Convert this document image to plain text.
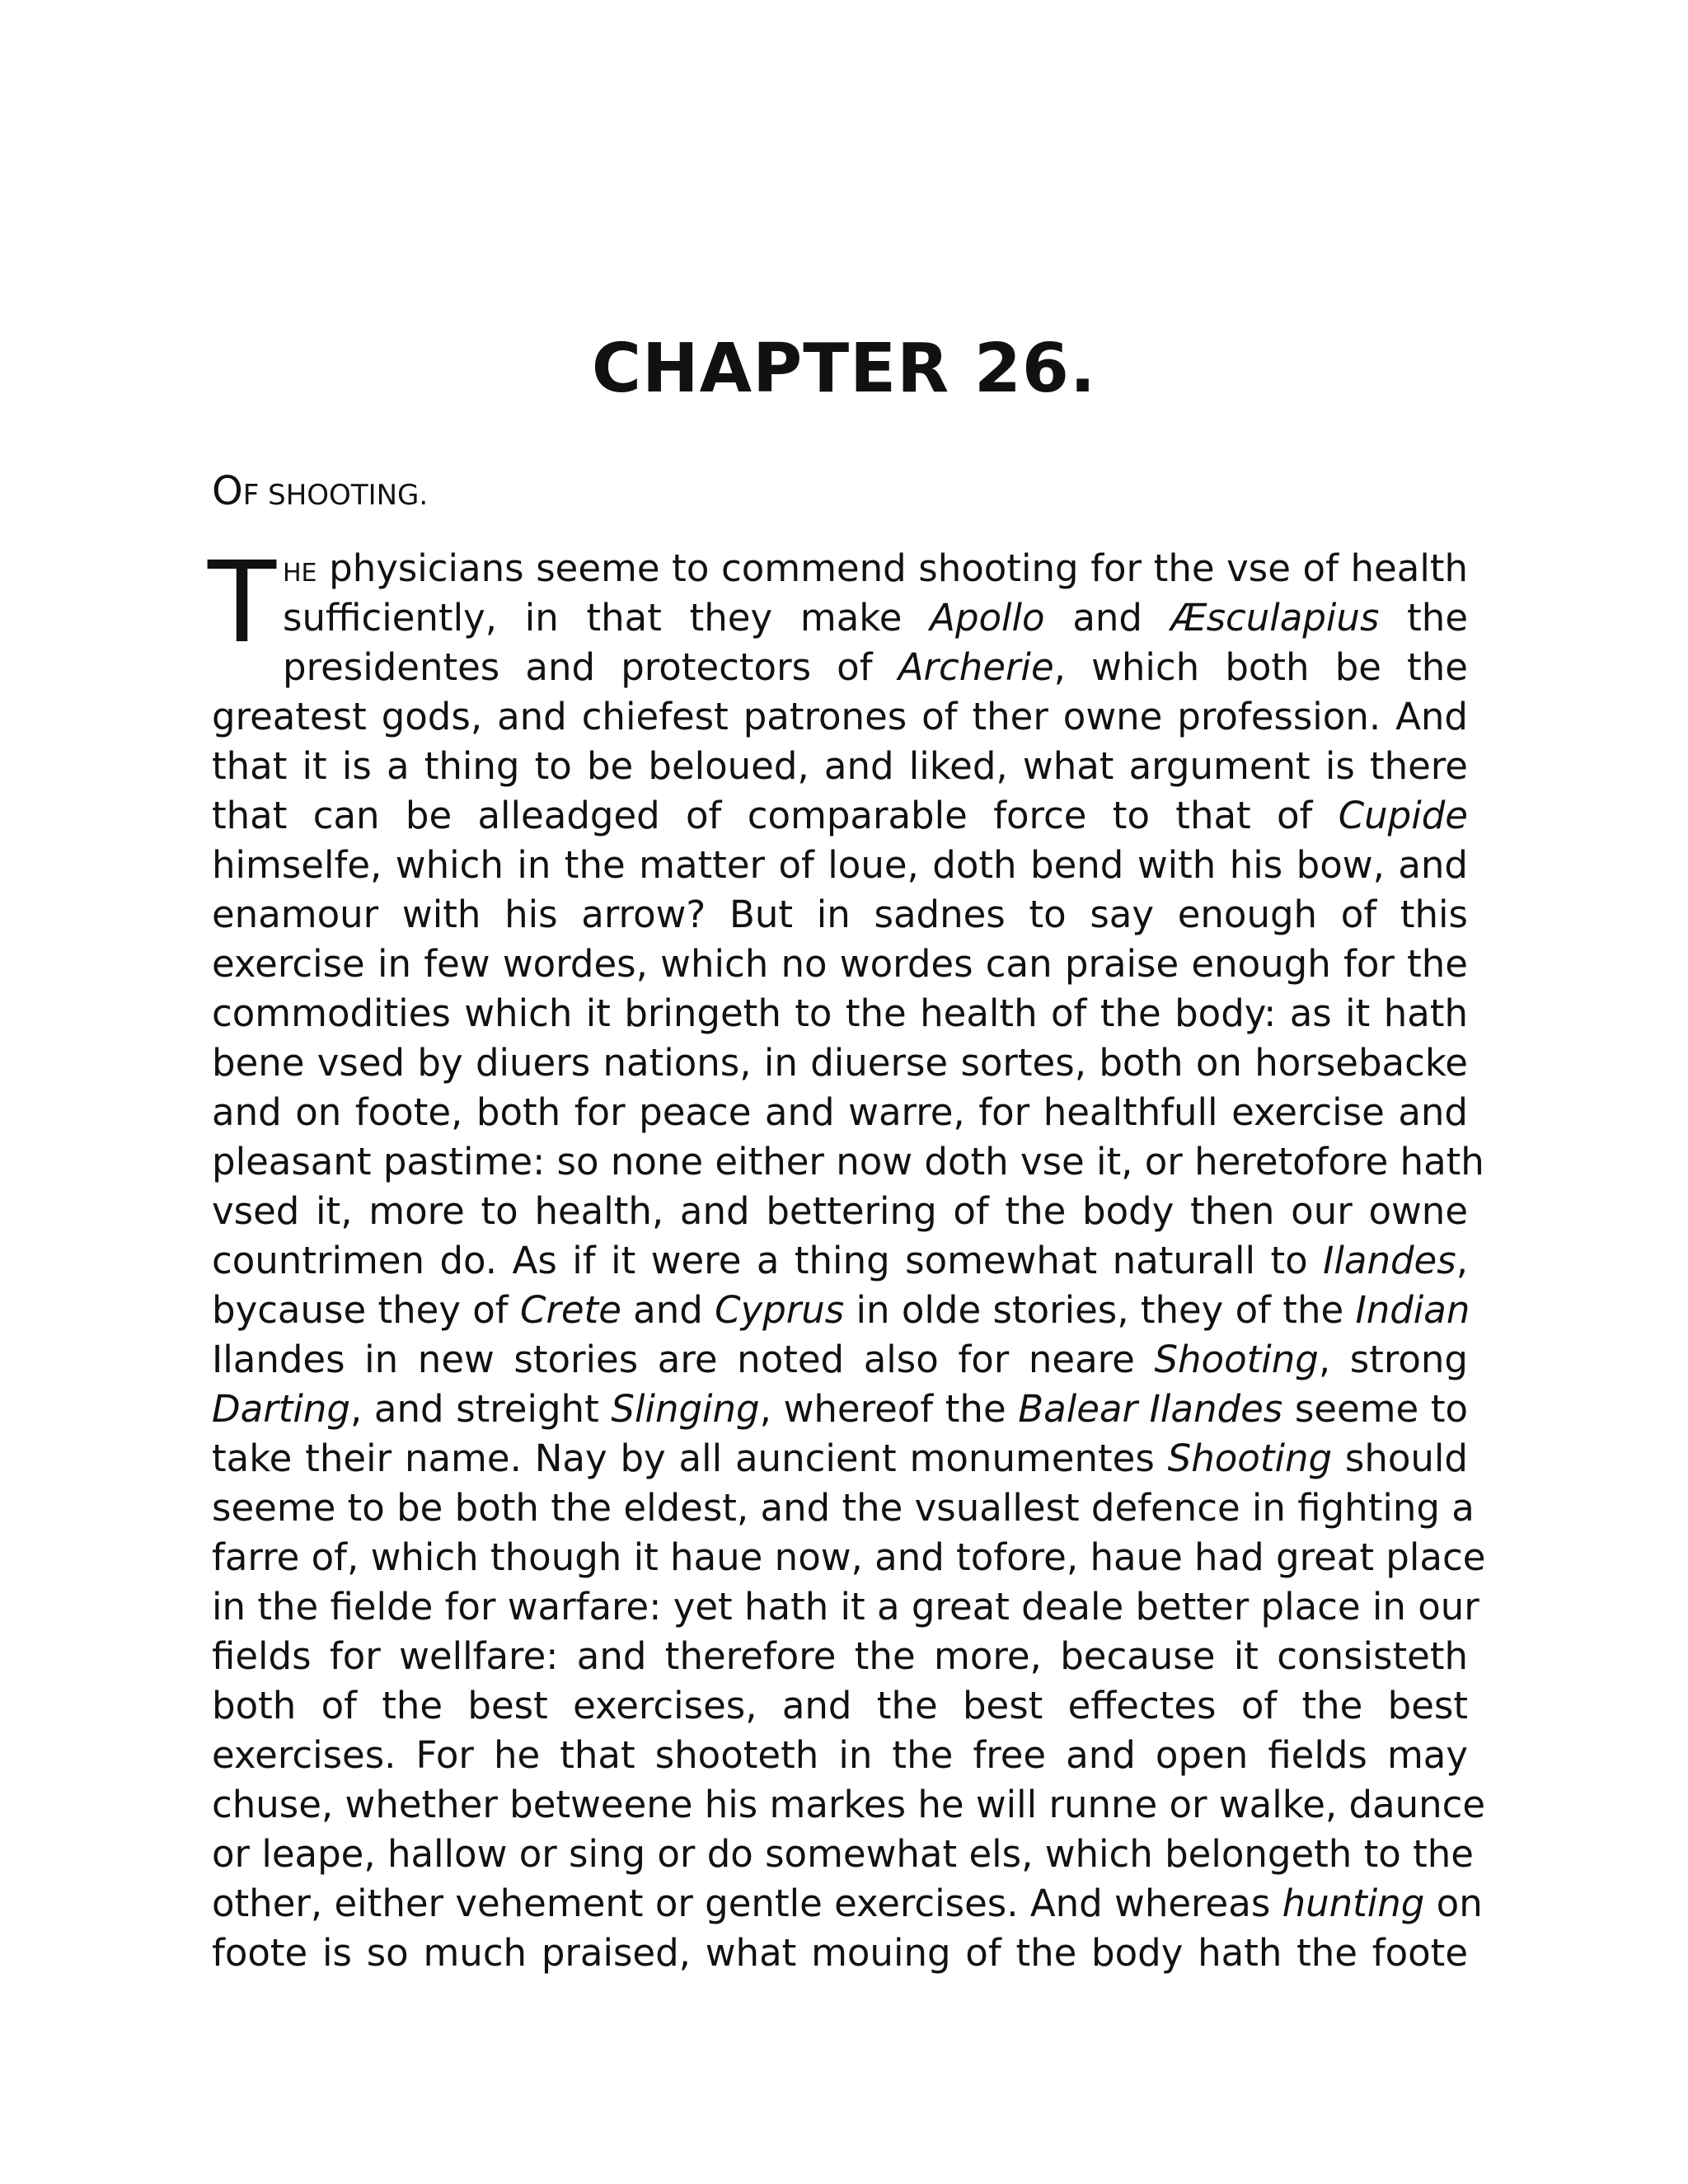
CHAPTER 26.

OF SHOOTING.

T HE physicians seeme to commend shooting for the vse of health
sufficiently, in that they make Apollo and Æsculapius the
presidentes and protectors of Archerie, which both be the
greatest gods, and chiefest patrones of ther owne profession. And
that it is a thing to be beloued, and liked, what argument is there
that can be alleadged of comparable force to that of Cupide
himselfe, which in the matter of loue, doth bend with his bow, and
enamour with his arrow? But in sadnes to say enough of this
exercise in few wordes, which no wordes can praise enough for the
commodities which it bringeth to the health of the body: as it hath
bene vsed by diuers nations, in diuerse sortes, both on horsebacke
and on foote, both for peace and warre, for healthfull exercise and
pleasant pastime: so none either now doth vse it, or heretofore hath
vsed it, more to health, and bettering of the body then our owne
countrimen do. As if it were a thing somewhat naturall to Ilandes,
bycause they of Crete and Cyprus in olde stories, they of the Indian
Ilandes in new stories are noted also for neare Shooting, strong
Darting, and streight Slinging, whereof the Balear Ilandes seeme to
take their name. Nay by all auncient monumentes Shooting should
seeme to be both the eldest, and the vsuallest defence in fighting a
farre of, which though it haue now, and tofore, haue had great place
in the fielde for warfare: yet hath it a great deale better place in our
fields for wellfare: and therefore the more, because it consisteth
both of the best exercises, and the best effectes of the best
exercises. For he that shooteth in the free and open fields may
chuse, whether betweene his markes he will runne or walke, daunce
or leape, hallow or sing or do somewhat els, which belongeth to the
other, either vehement or gentle exercises. And whereas hunting on
foote is so much praised, what mouing of the body hath the foote
